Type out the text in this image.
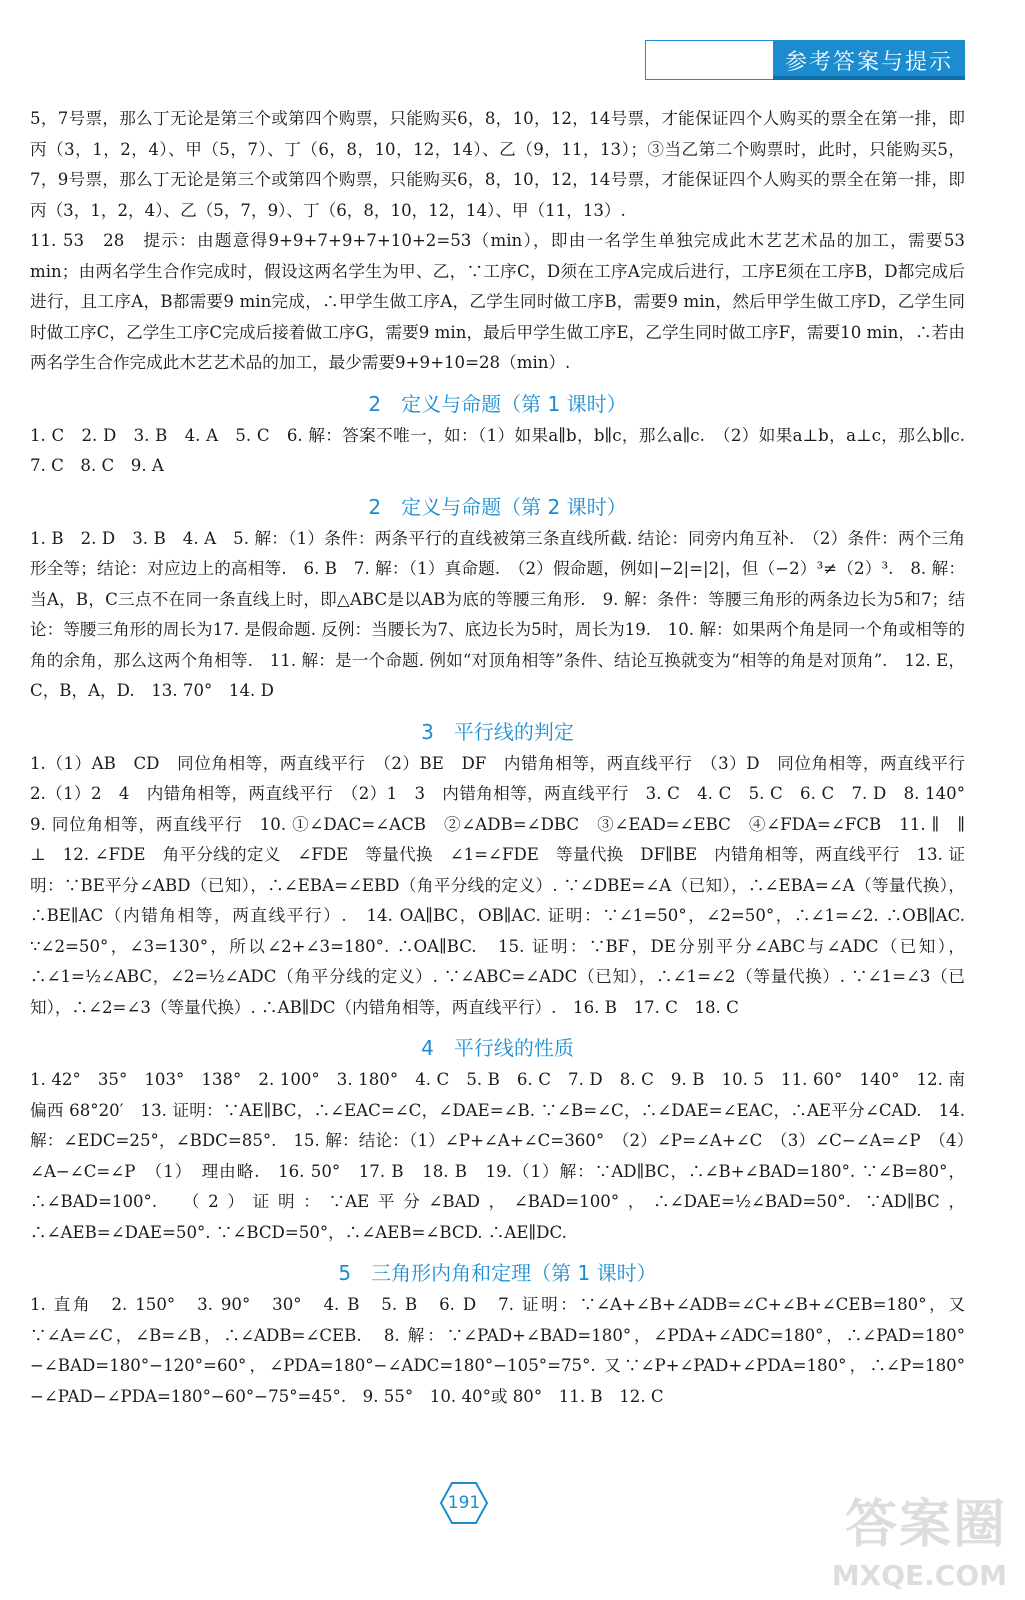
参考答案与提示

5，7号票，那么丁无论是第三个或第四个购票，只能购买6，8，10，12，14号票，才能保证四个人购买的票全在第一排，即丙（3，1，2，4）、甲（5，7）、丁（6，8，10，12，14）、乙（9，11，13）；③当乙第二个购票时，此时，只能购买5，7，9号票，那么丁无论是第三个或第四个购票，只能购买6，8，10，12，14号票，才能保证四个人购买的票全在第一排，即丙（3，1，2，4）、乙（5，7，9）、丁（6，8，10，12，14）、甲（11，13）.

11. 53　28　提示：由题意得9+9+7+9+7+10+2=53（min），即由一名学生单独完成此木艺艺术品的加工，需要53 min；由两名学生合作完成时，假设这两名学生为甲、乙，∵工序C，D须在工序A完成后进行，工序E须在工序B，D都完成后进行，且工序A，B都需要9 min完成，∴甲学生做工序A，乙学生同时做工序B，需要9 min，然后甲学生做工序D，乙学生同时做工序C，乙学生工序C完成后接着做工序G，需要9 min，最后甲学生做工序E，乙学生同时做工序F，需要10 min，∴若由两名学生合作完成此木艺艺术品的加工，最少需要9+9+10=28（min）.

2　定义与命题（第 1 课时）

1. C　2. D　3. B　4. A　5. C　6. 解：答案不唯一，如：（1）如果a∥b，b∥c，那么a∥c.　（2）如果a⊥b，a⊥c，那么b∥c.　7. C　8. C　9. A

2　定义与命题（第 2 课时）

1. B　2. D　3. B　4. A　5. 解：（1）条件：两条平行的直线被第三条直线所截. 结论：同旁内角互补.　（2）条件：两个三角形全等；结论：对应边上的高相等.　6. B　7. 解：（1）真命题.　（2）假命题，例如|−2|=|2|，但（−2）³≠（2）³.　8. 解：当A，B，C三点不在同一条直线上时，即△ABC是以AB为底的等腰三角形.　9. 解：条件：等腰三角形的两条边长为5和7；结论：等腰三角形的周长为17. 是假命题. 反例：当腰长为7、底边长为5时，周长为19.　10. 解：如果两个角是同一个角或相等的角的余角，那么这两个角相等.　11. 解：是一个命题. 例如“对顶角相等”条件、结论互换就变为“相等的角是对顶角”.　12. E，C，B，A，D.　13. 70°　14. D

3　平行线的判定

1.（1）AB　CD　同位角相等，两直线平行　（2）BE　DF　内错角相等，两直线平行　（3）D　同位角相等，两直线平行　2.（1）2　4　内错角相等，两直线平行　（2）1　3　内错角相等，两直线平行　3. C　4. C　5. C　6. C　7. D　8. 140°　9. 同位角相等，两直线平行　10. ①∠DAC=∠ACB　②∠ADB=∠DBC　③∠EAD=∠EBC　④∠FDA=∠FCB　11. ∥　∥　⊥　12. ∠FDE　角平分线的定义　∠FDE　等量代换　∠1=∠FDE　等量代换　DF∥BE　内错角相等，两直线平行　13. 证明：∵BE平分∠ABD（已知），∴∠EBA=∠EBD（角平分线的定义）. ∵∠DBE=∠A（已知），∴∠EBA=∠A（等量代换），∴BE∥AC（内错角相等，两直线平行）.　14. OA∥BC，OB∥AC. 证明：∵∠1=50°，∠2=50°，∴∠1=∠2. ∴OB∥AC. ∵∠2=50°，∠3=130°，所以∠2+∠3=180°. ∴OA∥BC.　15. 证明：∵BF，DE分别平分∠ABC与∠ADC（已知），∴∠1=½∠ABC，∠2=½∠ADC（角平分线的定义）. ∵∠ABC=∠ADC（已知），∴∠1=∠2（等量代换）. ∵∠1=∠3（已知），∴∠2=∠3（等量代换）. ∴AB∥DC（内错角相等，两直线平行）.　16. B　17. C　18. C

4　平行线的性质

1. 42°　35°　103°　138°　2. 100°　3. 180°　4. C　5. B　6. C　7. D　8. C　9. B　10. 5　11. 60°　140°　12. 南偏西 68°20′　13. 证明：∵AE∥BC，∴∠EAC=∠C，∠DAE=∠B. ∵∠B=∠C，∴∠DAE=∠EAC，∴AE平分∠CAD.　14. 解：∠EDC=25°，∠BDC=85°.　15. 解：结论：（1）∠P+∠A+∠C=360°　（2）∠P=∠A+∠C　（3）∠C−∠A=∠P　（4）∠A−∠C=∠P　（1）　理由略.　16. 50°　17. B　18. B　19.（1）解：∵AD∥BC，∴∠B+∠BAD=180°. ∵∠B=80°，∴∠BAD=100°.　（2）证明：∵AE平分∠BAD，∠BAD=100°，∴∠DAE=½∠BAD=50°. ∵AD∥BC，∴∠AEB=∠DAE=50°. ∵∠BCD=50°，∴∠AEB=∠BCD. ∴AE∥DC.

5　三角形内角和定理（第 1 课时）

1. 直角　2. 150°　3. 90°　30°　4. B　5. B　6. D　7. 证明：∵∠A+∠B+∠ADB=∠C+∠B+∠CEB=180°，又∵∠A=∠C，∠B=∠B，∴∠ADB=∠CEB.　8. 解：∵∠PAD+∠BAD=180°，∠PDA+∠ADC=180°，∴∠PAD=180°−∠BAD=180°−120°=60°，∠PDA=180°−∠ADC=180°−105°=75°. 又∵∠P+∠PAD+∠PDA=180°，∴∠P=180°−∠PAD−∠PDA=180°−60°−75°=45°.　9. 55°　10. 40°或 80°　11. B　12. C

191	答案圈
MXQE.COM
